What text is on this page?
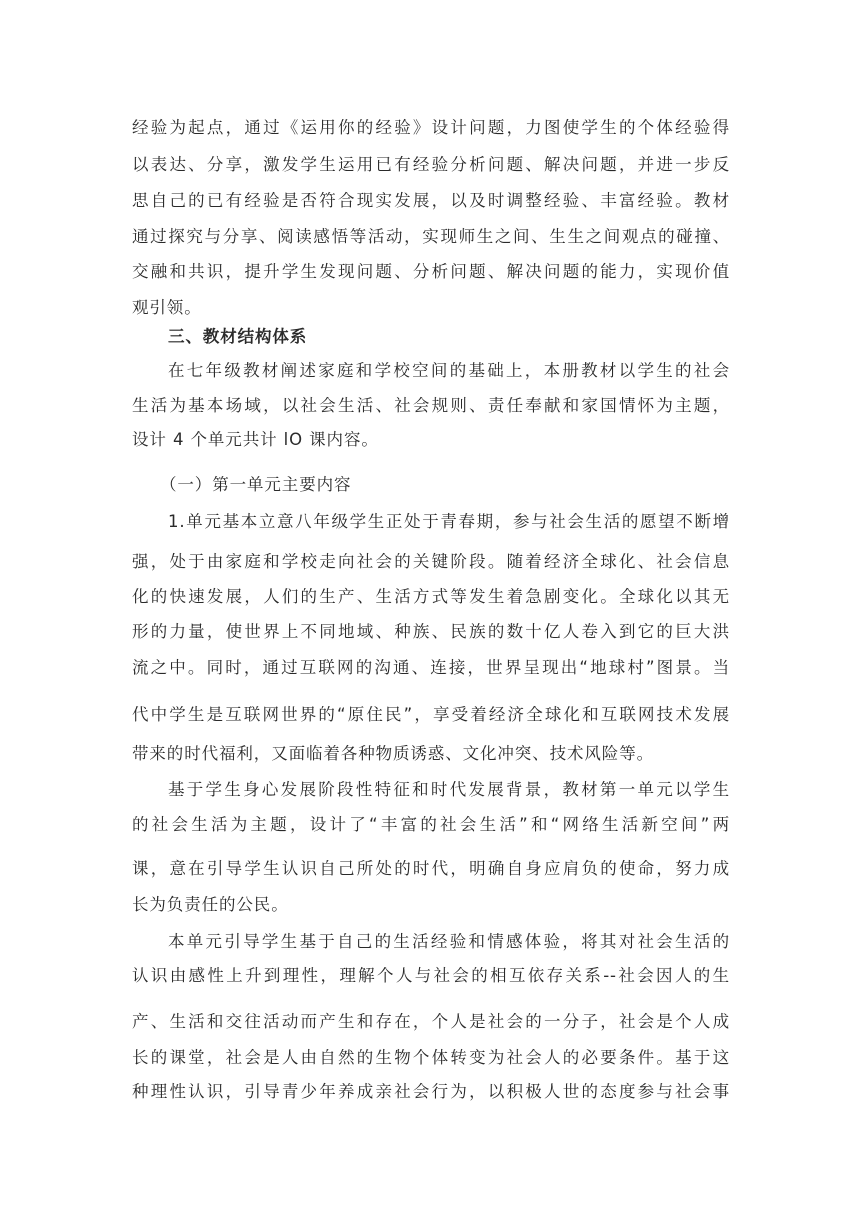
经验为起点，通过《运用你的经验》设计问题，力图使学生的个体经验得
以表达、分享，激发学生运用已有经验分析问题、解决问题，并进一步反
思自己的已有经验是否符合现实发展，以及时调整经验、丰富经验。教材
通过探究与分享、阅读感悟等活动，实现师生之间、生生之间观点的碰撞、
交融和共识，提升学生发现问题、分析问题、解决问题的能力，实现价值
观引领。
三、教材结构体系
在七年级教材阐述家庭和学校空间的基础上，本册教材以学生的社会
生活为基本场域，以社会生活、社会规则、责任奉献和家国情怀为主题，
设计 4 个单元共计 lO 课内容。
（一）第一单元主要内容
1.单元基本立意八年级学生正处于青春期，参与社会生活的愿望不断增
强，处于由家庭和学校走向社会的关键阶段。随着经济全球化、社会信息
化的快速发展，人们的生产、生活方式等发生着急剧变化。全球化以其无
形的力量，使世界上不同地域、种族、民族的数十亿人卷入到它的巨大洪
流之中。同时，通过互联网的沟通、连接，世界呈现出“地球村”图景。当
代中学生是互联网世界的“原住民”，享受着经济全球化和互联网技术发展
带来的时代福利，又面临着各种物质诱惑、文化冲突、技术风险等。
基于学生身心发展阶段性特征和时代发展背景，教材第一单元以学生
的社会生活为主题，设计了“丰富的社会生活”和“网络生活新空间”两
课，意在引导学生认识自己所处的时代，明确自身应肩负的使命，努力成
长为负责任的公民。
本单元引导学生基于自己的生活经验和情感体验，将其对社会生活的
认识由感性上升到理性，理解个人与社会的相互依存关系--社会因人的生
产、生活和交往活动而产生和存在，个人是社会的一分子，社会是个人成
长的课堂，社会是人由自然的生物个体转变为社会人的必要条件。基于这
种理性认识，引导青少年养成亲社会行为，以积极人世的态度参与社会事
